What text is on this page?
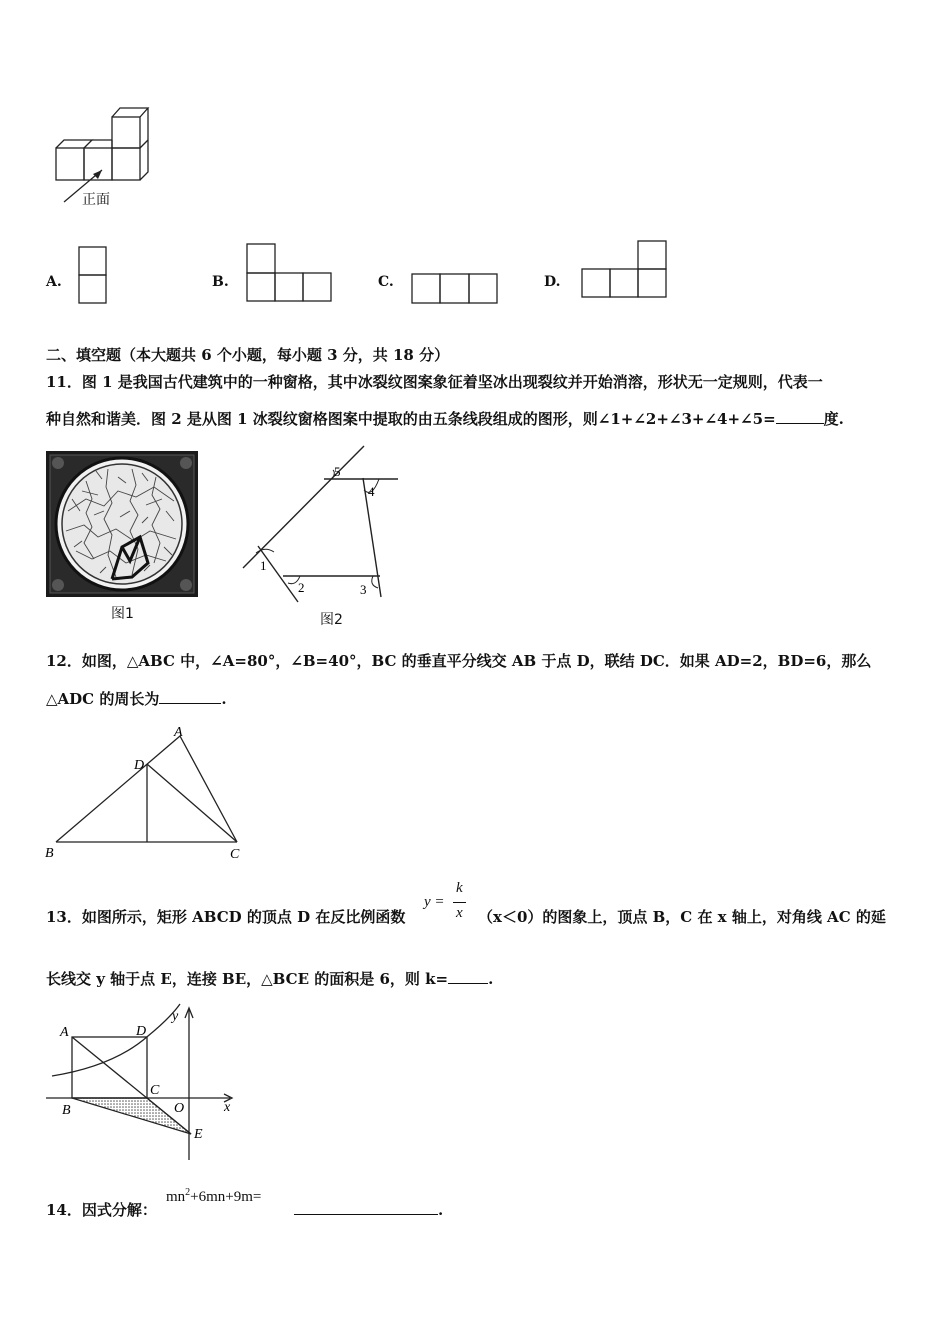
正面
A.	B.	C.	D.
二、填空题（本大题共 6 个小题，每小题 3 分，共 18 分）
11．图 1 是我国古代建筑中的一种窗格，其中冰裂纹图案象征着坚冰出现裂纹并开始消溶，形状无一定规则，代表一
种自然和谐美．图 2 是从图 1 冰裂纹窗格图案中提取的由五条线段组成的图形，则∠1+∠2+∠3+∠4+∠5=	度.
图1
1
2	3
4
5
图2
12．如图，△ABC 中，∠A=80°，∠B=40°，BC 的垂直平分线交 AB 于点 D，联结 DC．如果 AD=2，BD=6，那么
△ADC 的周长为	.
A
D
B	C
13．如图所示，矩形 ABCD 的顶点 D 在反比例函数
y =
k
x （x＜0）的图象上，顶点 B，C 在 x 轴上，对角线 AC 的延
长线交 y 轴于点 E，连接 BE，△BCE 的面积是 6，则 k=	.
A	D
C
B	O
E
x
y
14．因式分解：
$mn^2+6mn+9m=$
.
